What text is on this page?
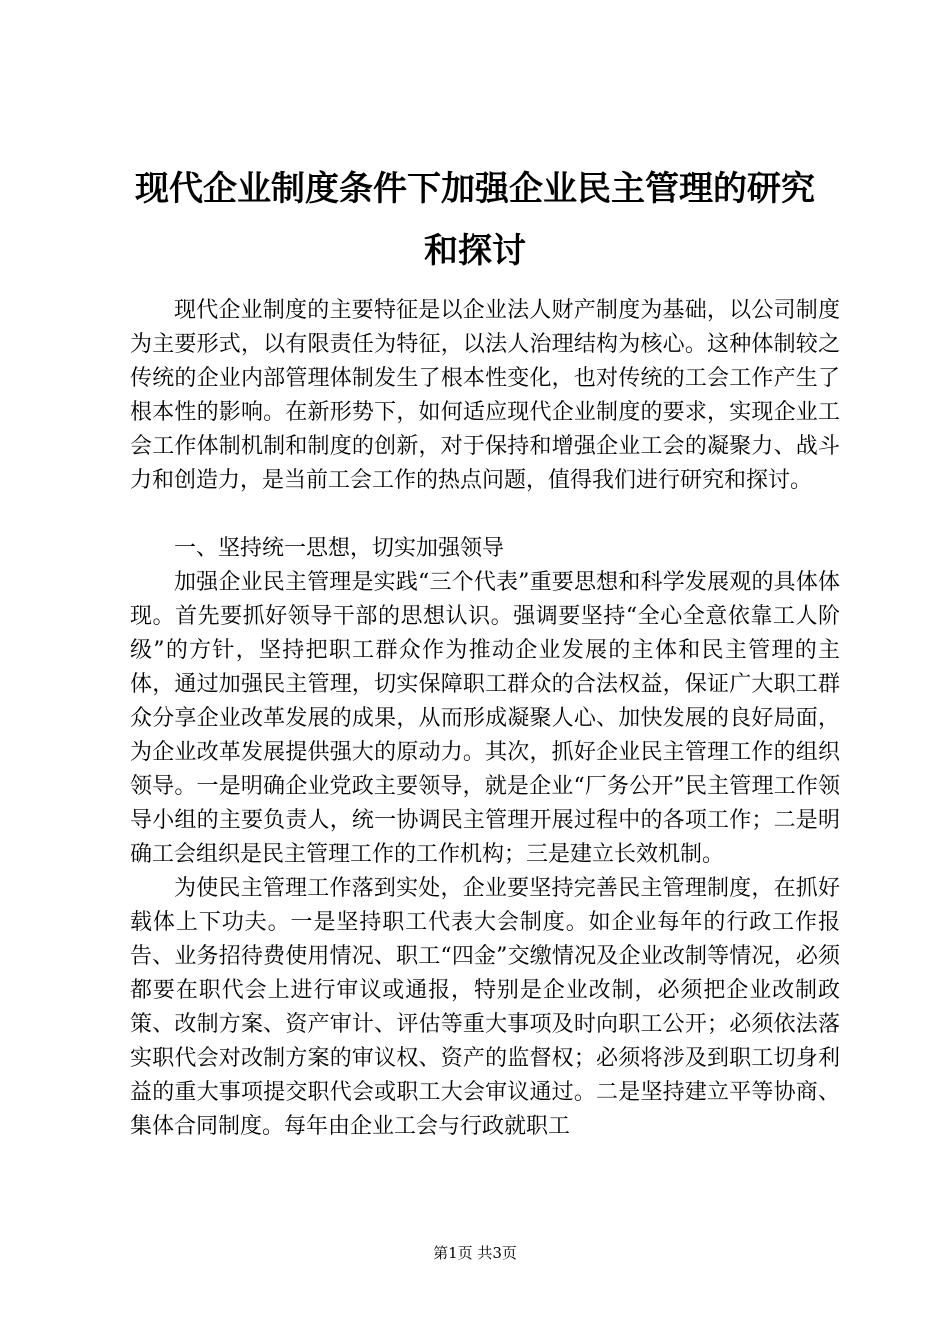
现代企业制度条件下加强企业民主管理的研究和探讨

现代企业制度的主要特征是以企业法人财产制度为基础，以公司制度为主要形式，以有限责任为特征，以法人治理结构为核心。这种体制较之传统的企业内部管理体制发生了根本性变化，也对传统的工会工作产生了根本性的影响。在新形势下，如何适应现代企业制度的要求，实现企业工会工作体制机制和制度的创新，对于保持和增强企业工会的凝聚力、战斗力和创造力，是当前工会工作的热点问题，值得我们进行研究和探讨。

一、坚持统一思想，切实加强领导

加强企业民主管理是实践“三个代表”重要思想和科学发展观的具体体现。首先要抓好领导干部的思想认识。强调要坚持“全心全意依靠工人阶级”的方针，坚持把职工群众作为推动企业发展的主体和民主管理的主体，通过加强民主管理，切实保障职工群众的合法权益，保证广大职工群众分享企业改革发展的成果，从而形成凝聚人心、加快发展的良好局面，为企业改革发展提供强大的原动力。其次，抓好企业民主管理工作的组织领导。一是明确企业党政主要领导，就是企业“厂务公开”民主管理工作领导小组的主要负责人，统一协调民主管理开展过程中的各项工作；二是明确工会组织是民主管理工作的工作机构；三是建立长效机制。

为使民主管理工作落到实处，企业要坚持完善民主管理制度，在抓好载体上下功夫。一是坚持职工代表大会制度。如企业每年的行政工作报告、业务招待费使用情况、职工“四金”交缴情况及企业改制等情况，必须都要在职代会上进行审议或通报，特别是企业改制，必须把企业改制政策、改制方案、资产审计、评估等重大事项及时向职工公开；必须依法落实职代会对改制方案的审议权、资产的监督权；必须将涉及到职工切身利益的重大事项提交职代会或职工大会审议通过。二是坚持建立平等协商、集体合同制度。每年由企业工会与行政就职工

第1页 共3页
